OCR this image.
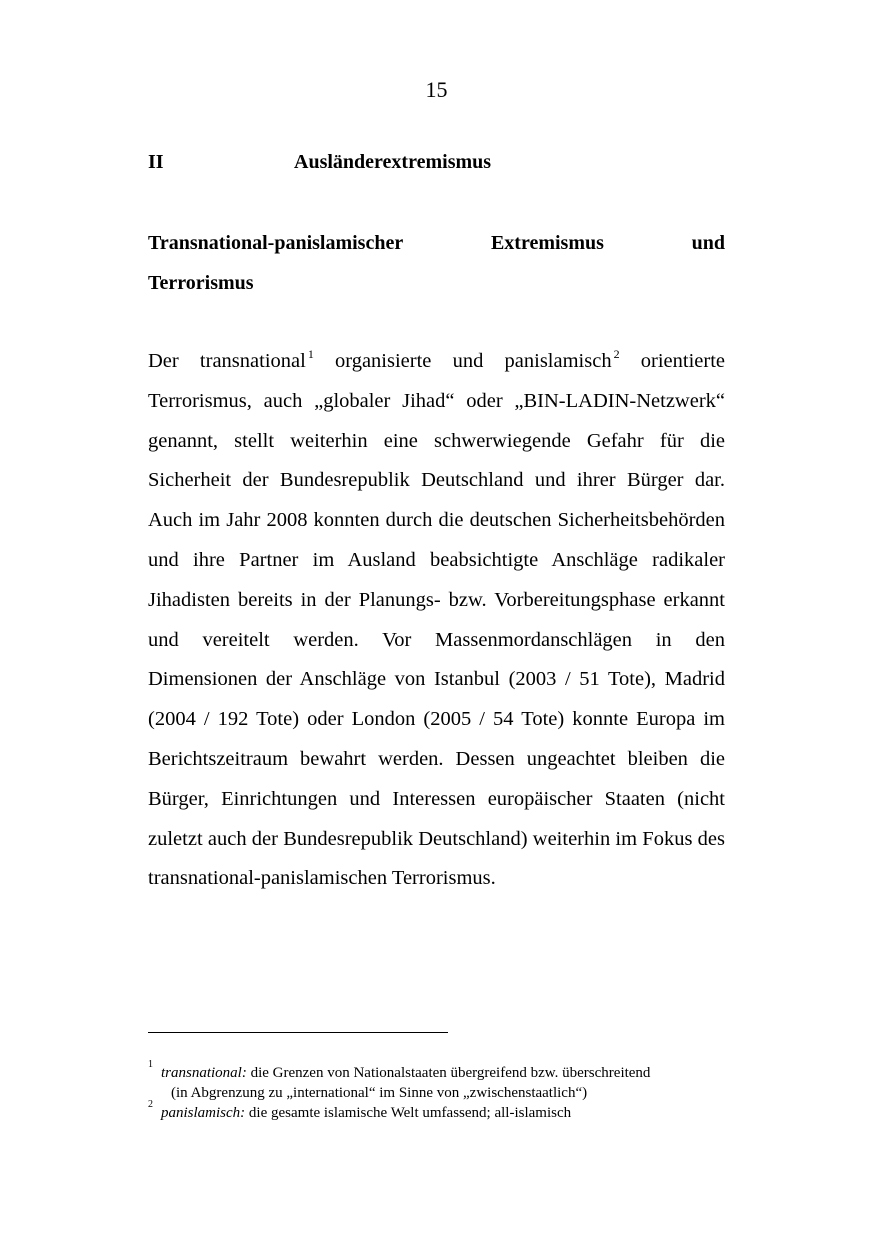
15
II	Ausländerextremismus
Transnational-panislamischer	Extremismus	und
Terrorismus

Der transnational $^1$ organisierte und panislamisch $^2$ orientierte Terrorismus, auch „globaler Jihad“ oder „BIN-LADIN-Netzwerk“ genannt, stellt weiterhin eine schwerwiegende Gefahr für die Sicherheit der Bundesrepublik Deutschland und ihrer Bürger dar. Auch im Jahr 2008 konnten durch die deutschen Sicherheitsbehörden und ihre Partner im Ausland beabsichtigte Anschläge radikaler Jihadisten bereits in der Planungs- bzw. Vorbereitungsphase erkannt und vereitelt werden. Vor Massenmordanschlägen in den Dimensionen der Anschläge von Istanbul (2003 / 51 Tote), Madrid (2004 / 192 Tote) oder London (2005 / 54 Tote) konnte Europa im Berichtszeitraum bewahrt werden. Dessen ungeachtet bleiben die Bürger, Einrichtungen und Interessen europäischer Staaten (nicht zuletzt auch der Bundesrepublik Deutschland) weiterhin im Fokus des transnational-panislamischen Terrorismus.

1
transnational: die Grenzen von Nationalstaaten übergreifend bzw. überschreitend
(in Abgrenzung zu „international“ im Sinne von „zwischenstaatlich“)
2
panislamisch: die gesamte islamische Welt umfassend; all-islamisch
